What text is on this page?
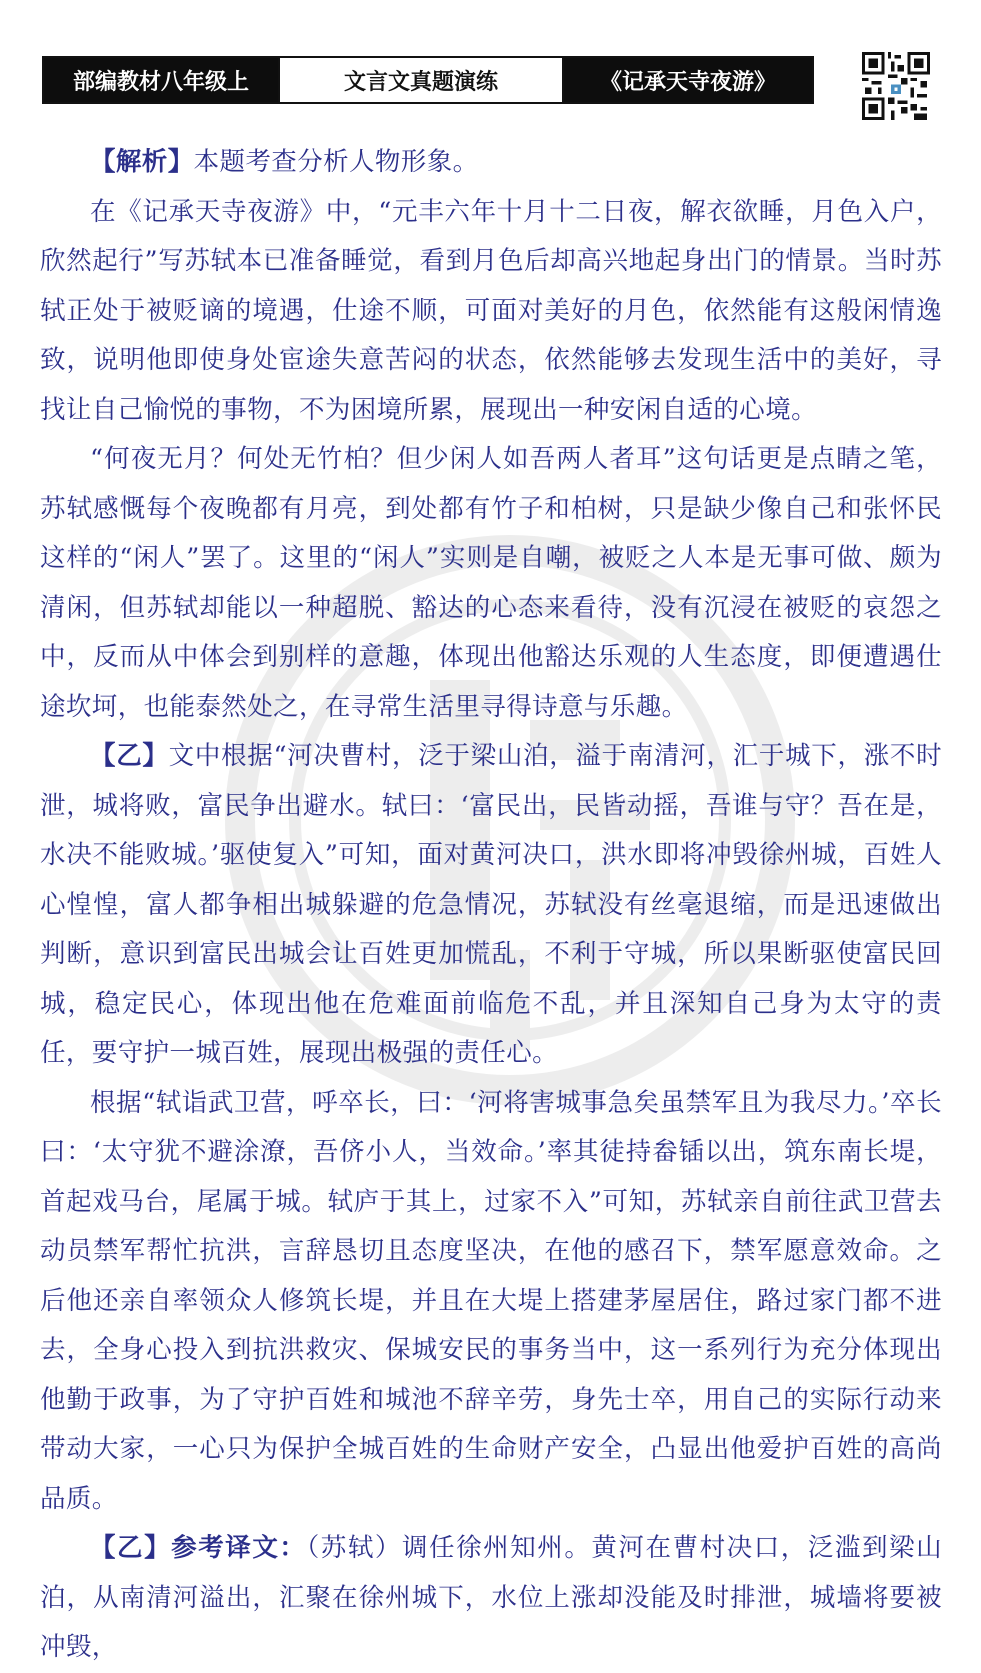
部编教材八年级上	文言文真题演练	《记承天寺夜游》

【解析】本题考查分析人物形象。

在《记承天寺夜游》中，“元丰六年十月十二日夜，解衣欲睡，月色入户，欣然起行”写苏轼本已准备睡觉，看到月色后却高兴地起身出门的情景。当时苏轼正处于被贬谪的境遇，仕途不顺，可面对美好的月色，依然能有这般闲情逸致，说明他即使身处宦途失意苦闷的状态，依然能够去发现生活中的美好，寻找让自己愉悦的事物，不为困境所累，展现出一种安闲自适的心境。

“何夜无月？何处无竹柏？但少闲人如吾两人者耳”这句话更是点睛之笔，苏轼感慨每个夜晚都有月亮，到处都有竹子和柏树，只是缺少像自己和张怀民这样的“闲人”罢了。这里的“闲人”实则是自嘲，被贬之人本是无事可做、颇为清闲，但苏轼却能以一种超脱、豁达的心态来看待，没有沉浸在被贬的哀怨之中，反而从中体会到别样的意趣，体现出他豁达乐观的人生态度，即便遭遇仕途坎坷，也能泰然处之，在寻常生活里寻得诗意与乐趣。

【乙】文中根据“河决曹村，泛于梁山泊，溢于南清河，汇于城下，涨不时泄，城将败，富民争出避水。轼曰：‘富民出，民皆动摇，吾谁与守？吾在是，水决不能败城。’驱使复入”可知，面对黄河决口，洪水即将冲毁徐州城，百姓人心惶惶，富人都争相出城躲避的危急情况，苏轼没有丝毫退缩，而是迅速做出判断，意识到富民出城会让百姓更加慌乱，不利于守城，所以果断驱使富民回城，稳定民心，体现出他在危难面前临危不乱，并且深知自己身为太守的责任，要守护一城百姓，展现出极强的责任心。

根据“轼诣武卫营，呼卒长，曰：‘河将害城事急矣虽禁军且为我尽力。’卒长曰：‘太守犹不避涂潦，吾侪小人，当效命。’率其徒持畚锸以出，筑东南长堤，首起戏马台，尾属于城。轼庐于其上，过家不入”可知，苏轼亲自前往武卫营去动员禁军帮忙抗洪，言辞恳切且态度坚决，在他的感召下，禁军愿意效命。之后他还亲自率领众人修筑长堤，并且在大堤上搭建茅屋居住，路过家门都不进去，全身心投入到抗洪救灾、保城安民的事务当中，这一系列行为充分体现出他勤于政事，为了守护百姓和城池不辞辛劳，身先士卒，用自己的实际行动来带动大家，一心只为保护全城百姓的生命财产安全，凸显出他爱护百姓的高尚品质。

【乙】参考译文：（苏轼）调任徐州知州。黄河在曹村决口，泛滥到梁山泊，从南清河溢出，汇聚在徐州城下，水位上涨却没能及时排泄，城墙将要被冲毁，
